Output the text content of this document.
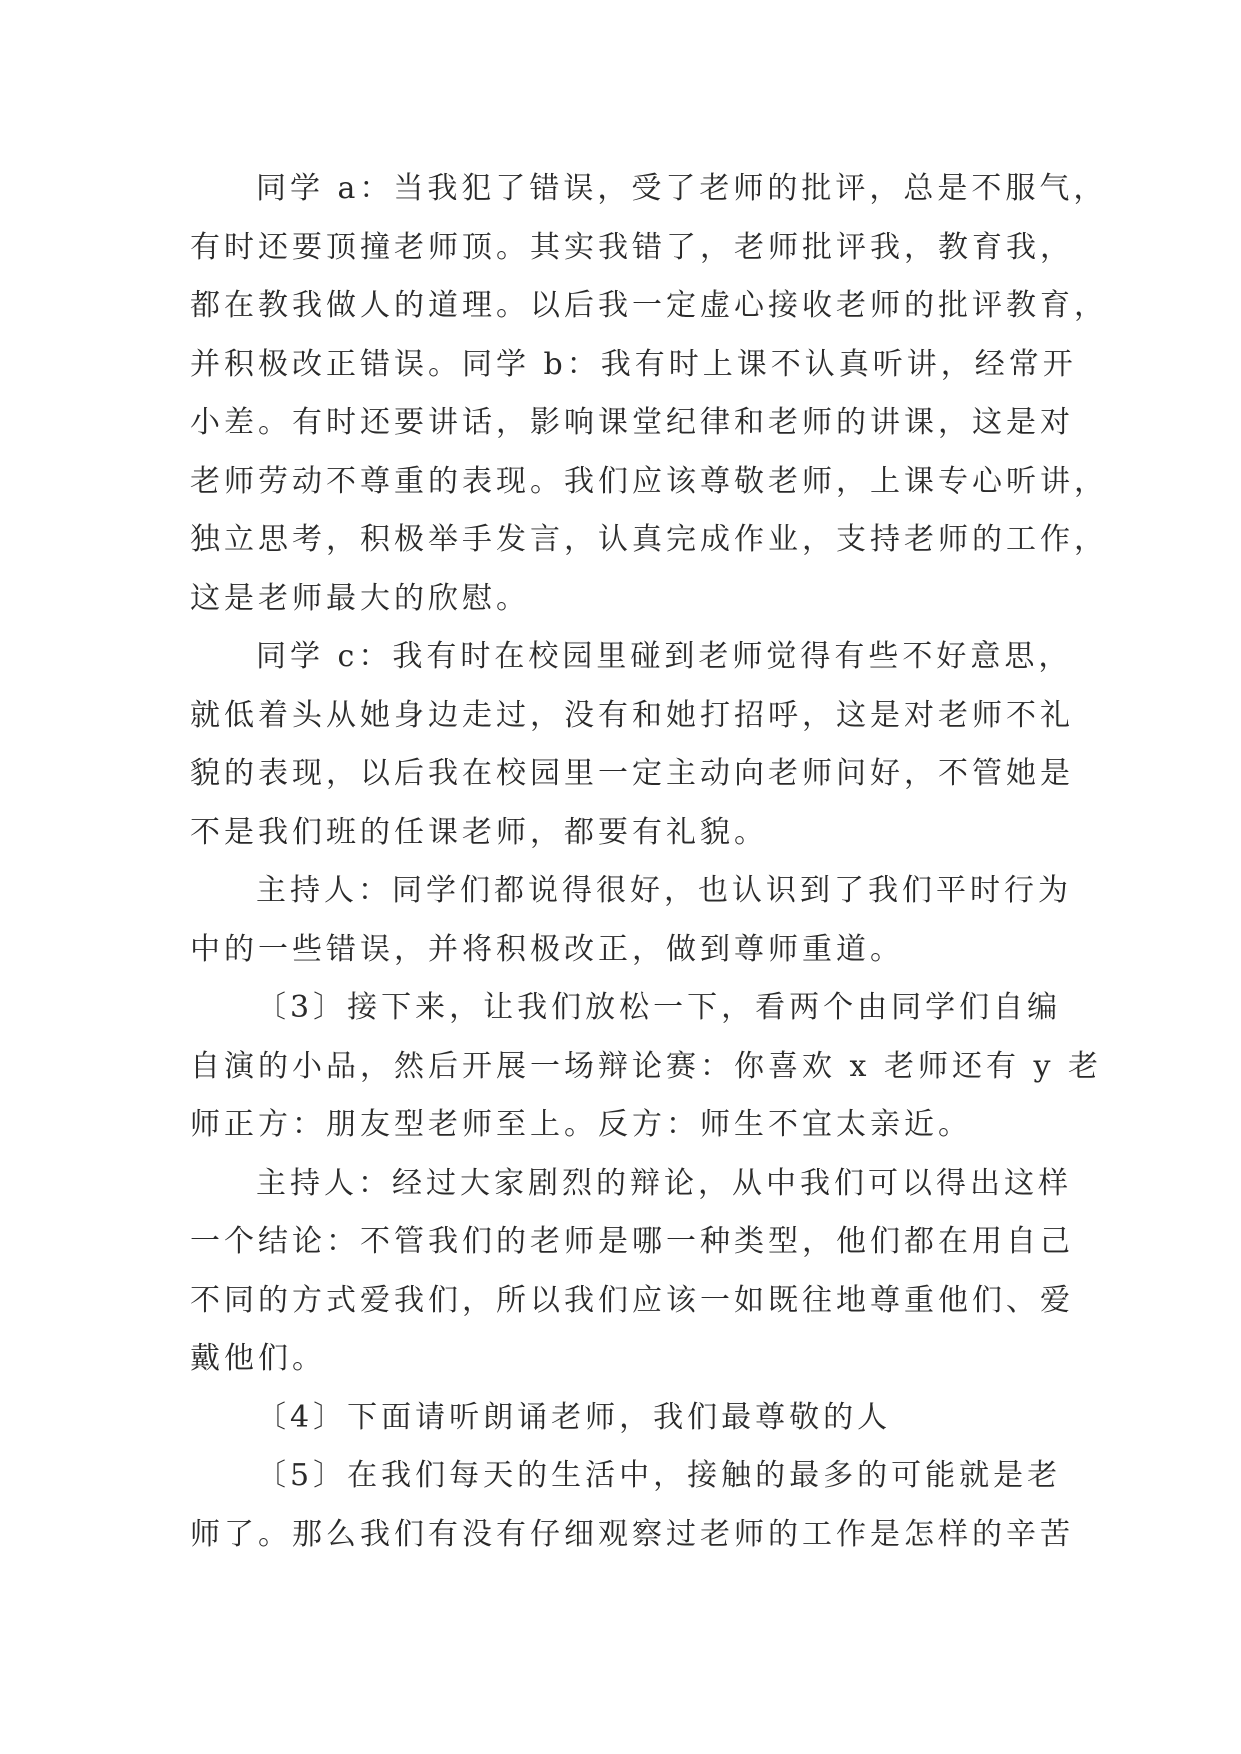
同学 a：当我犯了错误，受了老师的批评，总是不服气，
有时还要顶撞老师顶。其实我错了，老师批评我，教育我，
都在教我做人的道理。以后我一定虚心接收老师的批评教育，
并积极改正错误。同学 b：我有时上课不认真听讲，经常开
小差。有时还要讲话，影响课堂纪律和老师的讲课，这是对
老师劳动不尊重的表现。我们应该尊敬老师，上课专心听讲，
独立思考，积极举手发言，认真完成作业，支持老师的工作，
这是老师最大的欣慰。
同学 c：我有时在校园里碰到老师觉得有些不好意思，
就低着头从她身边走过，没有和她打招呼，这是对老师不礼
貌的表现，以后我在校园里一定主动向老师问好，不管她是
不是我们班的任课老师，都要有礼貌。
主持人：同学们都说得很好，也认识到了我们平时行为
中的一些错误，并将积极改正，做到尊师重道。
〔3〕接下来，让我们放松一下，看两个由同学们自编
自演的小品，然后开展一场辩论赛：你喜欢 x 老师还有 y 老
师正方：朋友型老师至上。反方：师生不宜太亲近。
主持人：经过大家剧烈的辩论，从中我们可以得出这样
一个结论：不管我们的老师是哪一种类型，他们都在用自己
不同的方式爱我们，所以我们应该一如既往地尊重他们、爱
戴他们。
〔4〕下面请听朗诵老师，我们最尊敬的人
〔5〕在我们每天的生活中，接触的最多的可能就是老
师了。那么我们有没有仔细观察过老师的工作是怎样的辛苦
